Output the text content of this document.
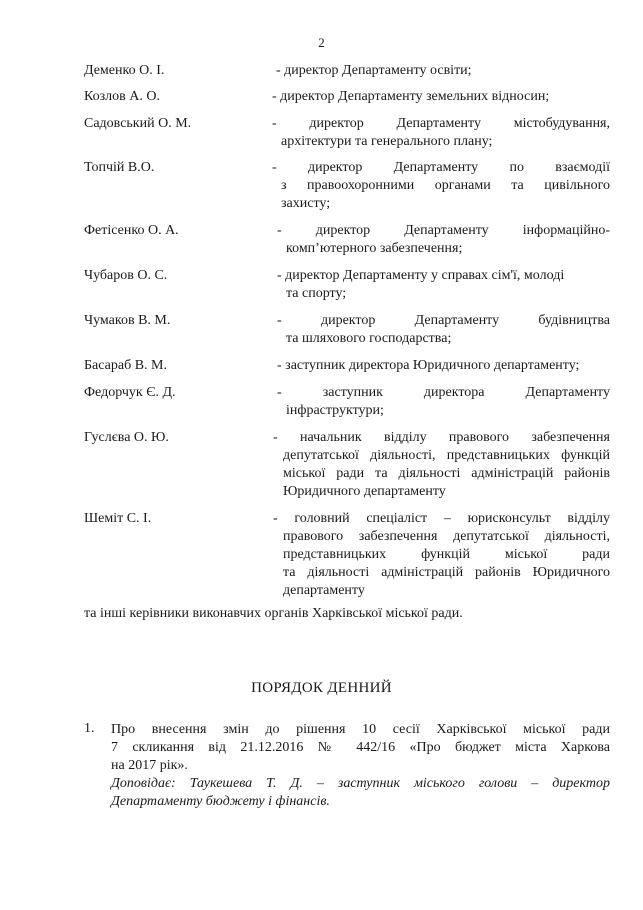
2
Деменко О. І.	- директор Департаменту освіти;
Козлов А. О.	- директор Департаменту земельних відносин;
Садовський О. М.	- директор Департаменту містобудування,
архітектури та генерального плану;
Топчій В.О.	- директор Департаменту по взаємодії
з правоохоронними органами та цивільного
захисту;
Фетісенко О. А.	- директор Департаменту інформаційно-
комп’ютерного забезпечення;
Чубаров О. С.	- директор Департаменту у справах сім'ї, молоді
та спорту;
Чумаков В. М.	- директор Департаменту будівництва
та шляхового господарства;
Басараб В. М.	- заступник директора Юридичного департаменту;
Федорчук Є. Д.	- заступник директора Департаменту
інфраструктури;
Гуслєва О. Ю.	- начальник відділу правового забезпечення
депутатської діяльності, представницьких функцій
міської ради та діяльності адміністрацій районів
Юридичного департаменту
Шеміт С. І.	- головний спеціаліст – юрисконсульт відділу
правового забезпечення депутатської діяльності,
представницьких функцій міської ради
та діяльності адміністрацій районів Юридичного
департаменту
та інші керівники виконавчих органів Харківської міської ради.
ПОРЯДОК ДЕННИЙ
1. Про внесення змін до рішення 10 сесії Харківської міської ради
7 скликання від 21.12.2016 № 442/16 «Про бюджет міста Харкова
на 2017 рік».
Доповідає: Таукешева Т. Д. – заступник міського голови – директор
Департаменту бюджету і фінансів.
